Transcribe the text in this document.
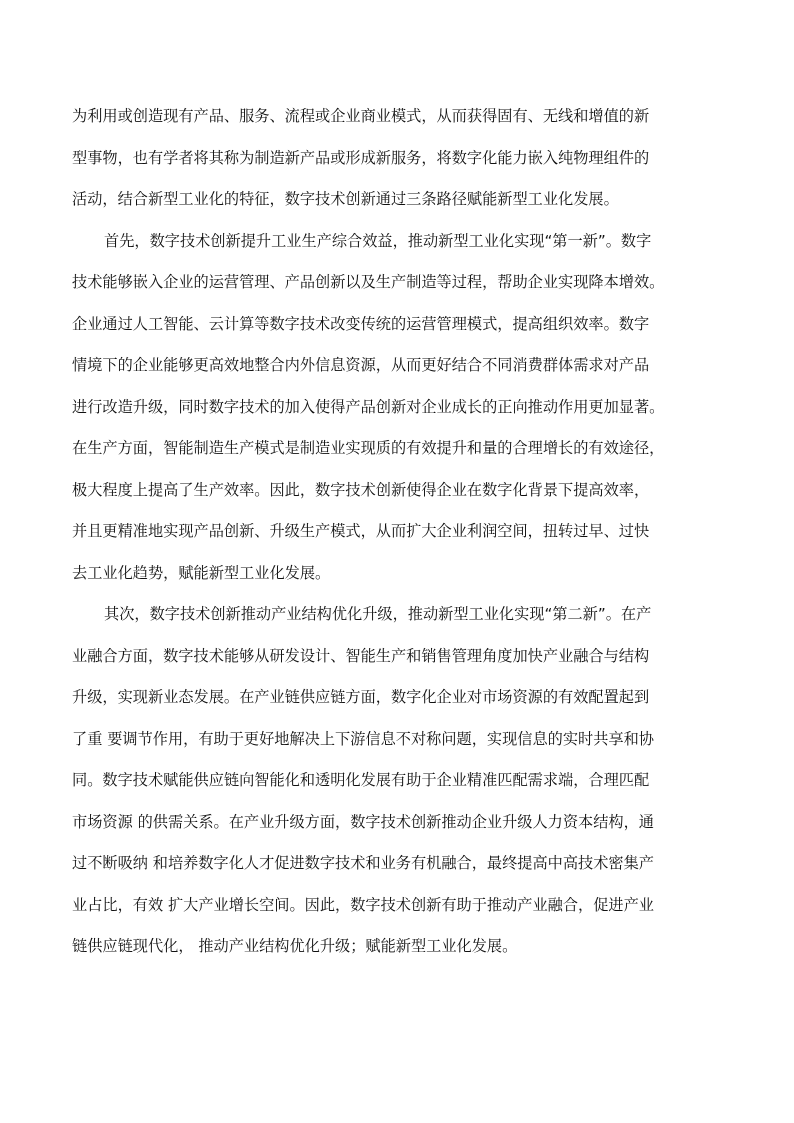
为利用或创造现有产品、服务、流程或企业商业模式，从而获得固有、无线和增值的新
型事物，也有学者将其称为制造新产品或形成新服务，将数字化能力嵌入纯物理组件的
活动，结合新型工业化的特征，数字技术创新通过三条路径赋能新型工业化发展。
首先，数字技术创新提升工业生产综合效益，推动新型工业化实现“第一新”。数字
技术能够嵌入企业的运营管理、产品创新以及生产制造等过程，帮助企业实现降本增效。
企业通过人工智能、云计算等数字技术改变传统的运营管理模式，提高组织效率。数字
情境下的企业能够更高效地整合内外信息资源，从而更好结合不同消费群体需求对产品
进行改造升级，同时数字技术的加入使得产品创新对企业成长的正向推动作用更加显著。
在生产方面，智能制造生产模式是制造业实现质的有效提升和量的合理增长的有效途径，
极大程度上提高了生产效率。因此，数字技术创新使得企业在数字化背景下提高效率，
并且更精准地实现产品创新、升级生产模式，从而扩大企业利润空间，扭转过早、过快
去工业化趋势，赋能新型工业化发展。
其次，数字技术创新推动产业结构优化升级，推动新型工业化实现“第二新”。在产
业融合方面，数字技术能够从研发设计、智能生产和销售管理角度加快产业融合与结构
升级，实现新业态发展。在产业链供应链方面，数字化企业对市场资源的有效配置起到
了重 要调节作用，有助于更好地解决上下游信息不对称问题，实现信息的实时共享和协
同。数字技术赋能供应链向智能化和透明化发展有助于企业精准匹配需求端，合理匹配
市场资源 的供需关系。在产业升级方面，数字技术创新推动企业升级人力资本结构，通
过不断吸纳 和培养数字化人才促进数字技术和业务有机融合，最终提高中高技术密集产
业占比，有效 扩大产业增长空间。因此，数字技术创新有助于推动产业融合，促进产业
链供应链现代化， 推动产业结构优化升级；赋能新型工业化发展。
